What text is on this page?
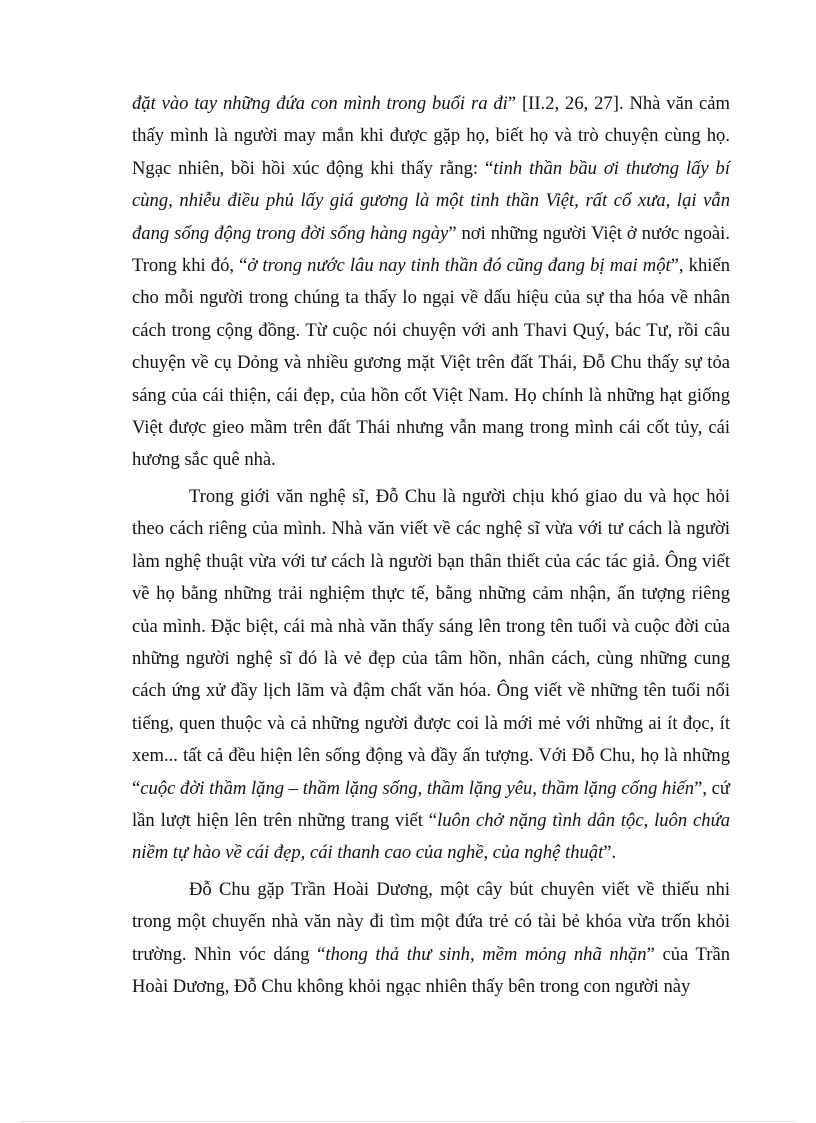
đặt vào tay những đứa con mình trong buổi ra đi” [II.2, 26, 27]. Nhà văn cảm thấy mình là người may mắn khi được gặp họ, biết họ và trò chuyện cùng họ. Ngạc nhiên, bồi hồi xúc động khi thấy rằng: “tinh thần bầu ơi thương lấy bí cùng, nhiễu điều phủ lấy giá gương là một tinh thần Việt, rất cổ xưa, lại vẫn đang sống động trong đời sống hàng ngày” nơi những người Việt ở nước ngoài. Trong khi đó, “ở trong nước lâu nay tinh thần đó cũng đang bị mai một”, khiến cho mỗi người trong chúng ta thấy lo ngại về dấu hiệu của sự tha hóa về nhân cách trong cộng đồng. Từ cuộc nói chuyện với anh Thavi Quý, bác Tư, rồi câu chuyện về cụ Dỏng và nhiều gương mặt Việt trên đất Thái, Đỗ Chu thấy sự tỏa sáng của cái thiện, cái đẹp, của hồn cốt Việt Nam. Họ chính là những hạt giống Việt được gieo mầm trên đất Thái nhưng vẫn mang trong mình cái cốt tủy, cái hương sắc quê nhà.

Trong giới văn nghệ sĩ, Đỗ Chu là người chịu khó giao du và học hỏi theo cách riêng của mình. Nhà văn viết về các nghệ sĩ vừa với tư cách là người làm nghệ thuật vừa với tư cách là người bạn thân thiết của các tác giả. Ông viết về họ bằng những trải nghiệm thực tế, bằng những cảm nhận, ấn tượng riêng của mình. Đặc biệt, cái mà nhà văn thấy sáng lên trong tên tuổi và cuộc đời của những người nghệ sĩ đó là vẻ đẹp của tâm hồn, nhân cách, cùng những cung cách ứng xử đầy lịch lãm và đậm chất văn hóa. Ông viết về những tên tuổi nổi tiếng, quen thuộc và cả những người được coi là mới mẻ với những ai ít đọc, ít xem... tất cả đều hiện lên sống động và đầy ấn tượng. Với Đỗ Chu, họ là những “cuộc đời thầm lặng – thầm lặng sống, thầm lặng yêu, thầm lặng cống hiến”, cứ lần lượt hiện lên trên những trang viết “luôn chở nặng tình dân tộc, luôn chứa niềm tự hào về cái đẹp, cái thanh cao của nghề, của nghệ thuật”.

Đỗ Chu gặp Trần Hoài Dương, một cây bút chuyên viết về thiếu nhi trong một chuyến nhà văn này đi tìm một đứa trẻ có tài bẻ khóa vừa trốn khỏi trường. Nhìn vóc dáng “thong thả thư sinh, mềm mỏng nhã nhặn” của Trần Hoài Dương, Đỗ Chu không khỏi ngạc nhiên thấy bên trong con người này
